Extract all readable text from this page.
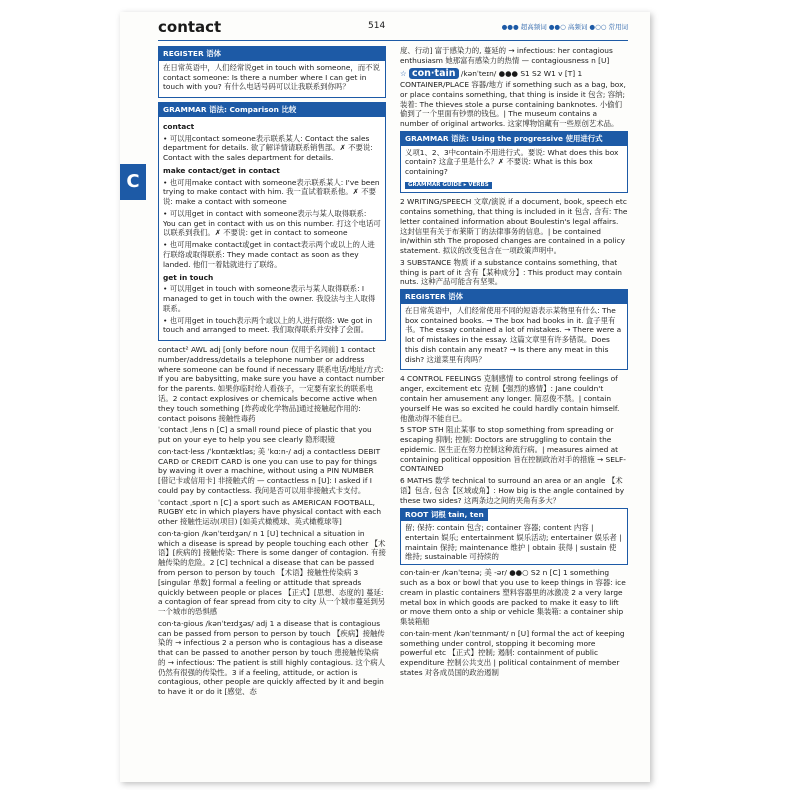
contact	514	●●● 超高频词 ●●○ 高频词 ●○○ 常用词
C
REGISTER 语体

在日常英语中，人们经常说get in touch with someone，而不说contact someone: Is there a number where I can get in touch with you? 有什么电话号码可以让我联系到你吗？

GRAMMAR 语法: Comparison 比较

contact

• 可以用contact someone表示联系某人: Contact the sales department for details. 欲了解详情请联系销售部。✗ 不要说: Contact with the sales department for details.

make contact/get in contact

• 也可用make contact with someone表示联系某人: I've been trying to make contact with him. 我一直试着联系他。✗ 不要说: make a contact with someone

• 可以用get in contact with someone表示与某人取得联系: You can get in contact with us on this number. 打这个电话可以联系到我们。✗ 不要说: get in contact to someone

• 也可用make contact或get in contact表示两个或以上的人进行联络或取得联系: They made contact as soon as they landed. 他们一着陆就进行了联络。

get in touch

• 可以用get in touch with someone表示与某人取得联系: I managed to get in touch with the owner. 我设法与主人取得联系。

• 也可用get in touch表示两个或以上的人进行联络: We got in touch and arranged to meet. 我们取得联系并安排了会面。

contact² AWL adj [only before noun 仅用于名词前] 1 contact number/address/details a telephone number or address where someone can be found if necessary 联系电话/地址/方式: If you are babysitting, make sure you have a contact number for the parents. 如果你临时给人看孩子，一定要有家长的联系电话。2 contact explosives or chemicals become active when they touch something [炸药或化学物品]通过接触起作用的: contact poisons 接触性毒药

ˈcontact ˌlens n [C] a small round piece of plastic that you put on your eye to help you see clearly 隐形眼镜

con·tact·less /ˈkɒntæktləs; 美 ˈkɑːn-/ adj a contactless DEBIT CARD or CREDIT CARD is one you can use to pay for things by waving it over a machine, without using a PIN NUMBER [借记卡或信用卡] 非接触式的 — contactless n [U]: I asked if I could pay by contactless. 我问是否可以用非接触式卡支付。

ˈcontact ˌsport n [C] a sport such as AMERICAN FOOTBALL, RUGBY etc in which players have physical contact with each other 接触性运动(项目) [如美式橄榄球、英式橄榄球等]

con·ta·gion /kənˈteɪdʒən/ n 1 [U] technical a situation in which a disease is spread by people touching each other 【术语】[疾病的] 接触传染: There is some danger of contagion. 有接触传染的危险。2 [C] technical a disease that can be passed from person to person by touch 【术语】接触性传染病 3 [singular 单数] formal a feeling or attitude that spreads quickly between people or places 【正式】[思想、态度的] 蔓延: a contagion of fear spread from city to city 从一个城市蔓延到另一个城市的恐惧感

con·ta·gious /kənˈteɪdʒəs/ adj 1 a disease that is contagious can be passed from person to person by touch 【疾病】接触传染的 → infectious 2 a person who is contagious has a disease that can be passed to another person by touch 患接触传染病的 → infectious: The patient is still highly contagious. 这个病人仍然有很强的传染性。3 if a feeling, attitude, or action is contagious, other people are quickly affected by it and begin to have it or do it [感觉、态

度、行动] 富于感染力的, 蔓延的 → infectious: her contagious enthusiasm 她那富有感染力的热情 — contagiousness n [U]

☆ con·tain /kənˈteɪn/ ●●● S1 S2 W1 v [T] 1 CONTAINER/PLACE 容器/地方 if something such as a bag, box, or place contains something, that thing is inside it 包含; 容纳; 装着: The thieves stole a purse containing banknotes. 小偷们偷到了一个里面有钞票的钱包。| The museum contains a number of original artworks. 这家博物馆藏有一些原创艺术品。

GRAMMAR 语法: Using the progressive 使用进行式

义项1、2、3中contain不用进行式。要说: What does this box contain? 这盒子里是什么？✗ 不要说: What is this box containing?

GRAMMAR GUIDE ▸ VERBS

2 WRITING/SPEECH 文章/演说 if a document, book, speech etc contains something, that thing is included in it 包含, 含有: The letter contained information about Boulestin's legal affairs. 这封信里有关于布莱斯丁的法律事务的信息。| be contained in/within sth The proposed changes are contained in a policy statement. 拟议的改变包含在一项政策声明中。

3 SUBSTANCE 物质 if a substance contains something, that thing is part of it 含有【某种成分】: This product may contain nuts. 这种产品可能含有坚果。

REGISTER 语体

在日常英语中，人们经常使用不同的短语表示某物里有什么: The box contained books. → The box had books in it. 盒子里有书。The essay contained a lot of mistakes. → There were a lot of mistakes in the essay. 这篇文章里有许多错误。Does this dish contain any meat? → Is there any meat in this dish? 这道菜里有肉吗？

4 CONTROL FEELINGS 克制感情 to control strong feelings of anger, excitement etc 克制【强烈的感情】: Jane couldn't contain her amusement any longer. 简忍俊不禁。| contain yourself He was so excited he could hardly contain himself. 他激动得不能自已。

5 STOP STH 阻止某事 to stop something from spreading or escaping 抑制; 控制: Doctors are struggling to contain the epidemic. 医生正在努力控制这种流行病。| measures aimed at containing political opposition 旨在控制政治对手的措施 → SELF-CONTAINED

6 MATHS 数学 technical to surround an area or an angle 【术语】包含, 包含【区域或角】: How big is the angle contained by these two sides? 这两条边之间的夹角有多大？

ROOT 词根 tain, ten

留; 保持: contain 包含; container 容器; content 内容 | entertain 娱乐; entertainment 娱乐活动; entertainer 娱乐者 | maintain 保持; maintenance 维护 | obtain 获得 | sustain 使维持; sustainable 可持续的

con·tain·er /kənˈteɪnə; 美 -ər/ ●●○ S2 n [C] 1 something such as a box or bowl that you use to keep things in 容器: ice cream in plastic containers 塑料容器里的冰激凌 2 a very large metal box in which goods are packed to make it easy to lift or move them onto a ship or vehicle 集装箱: a container ship 集装箱船

con·tain·ment /kənˈteɪnmənt/ n [U] formal the act of keeping something under control, stopping it becoming more powerful etc 【正式】控制; 遏制: containment of public expenditure 控制公共支出 | political containment of member states 对各成员国的政治遏制
